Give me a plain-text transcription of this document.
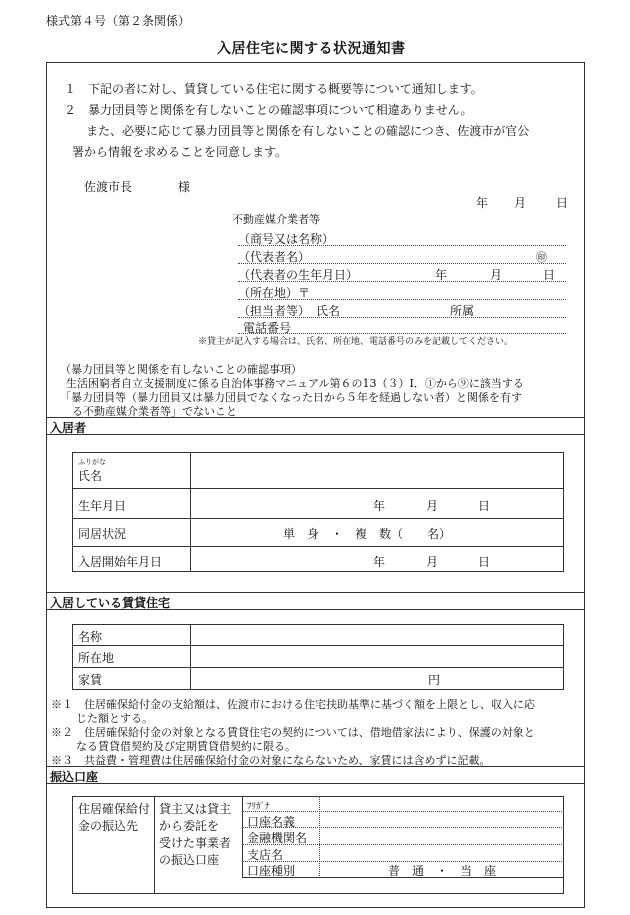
様式第４号（第２条関係）
入居住宅に関する状況通知書
１　下記の者に対し、賃貸している住宅に関する概要等について通知します。
２　暴力団員等と関係を有しないことの確認事項について相違ありません。
また、必要に応じて暴力団員等と関係を有しないことの確認につき、佐渡市が官公
署から情報を求めることを同意します。
佐渡市長	様
年 月 日
不動産媒介業者等
（商号又は名称）
（代表者名）	㊞
（代表者の生年月日）	年	月	日
（所在地）〒
（担当者等）　氏名	所属
電話番号
※貸主が記入する場合は、氏名、所在地、電話番号のみを記載してください。
（暴力団員等と関係を有しないことの確認事項）
生活困窮者自立支援制度に係る自治体事務マニュアル第６の13（３）Ⅰ．①から⑨に該当する
「暴力団員等（暴力団員又は暴力団員でなくなった日から５年を経過しない者）と関係を有す
る不動産媒介業者等」でないこと
入居者
ふりがな
氏名
生年月日	年	月	日
同居状況	単　身　・　複　数（　　名）
入居開始年月日	年	月	日
入居している賃貸住宅
名称
所在地
家賃	円
※１　住居確保給付金の支給額は、佐渡市における住宅扶助基準に基づく額を上限とし、収入に応
じた額とする。
※２　住居確保給付金の対象となる賃貸住宅の契約については、借地借家法により、保護の対象と
なる賃貸借契約及び定期賃貸借契約に限る。
※３　共益費・管理費は住居確保給付金の対象にならないため、家賃には含めずに記載。
振込口座
住居確保給付
金の振込先
貸主又は貸主
から委託を
受けた事業者
の振込口座
ﾌﾘｶﾞﾅ
口座名義
金融機関名
支店名
口座種別	普　通　・　当　座
